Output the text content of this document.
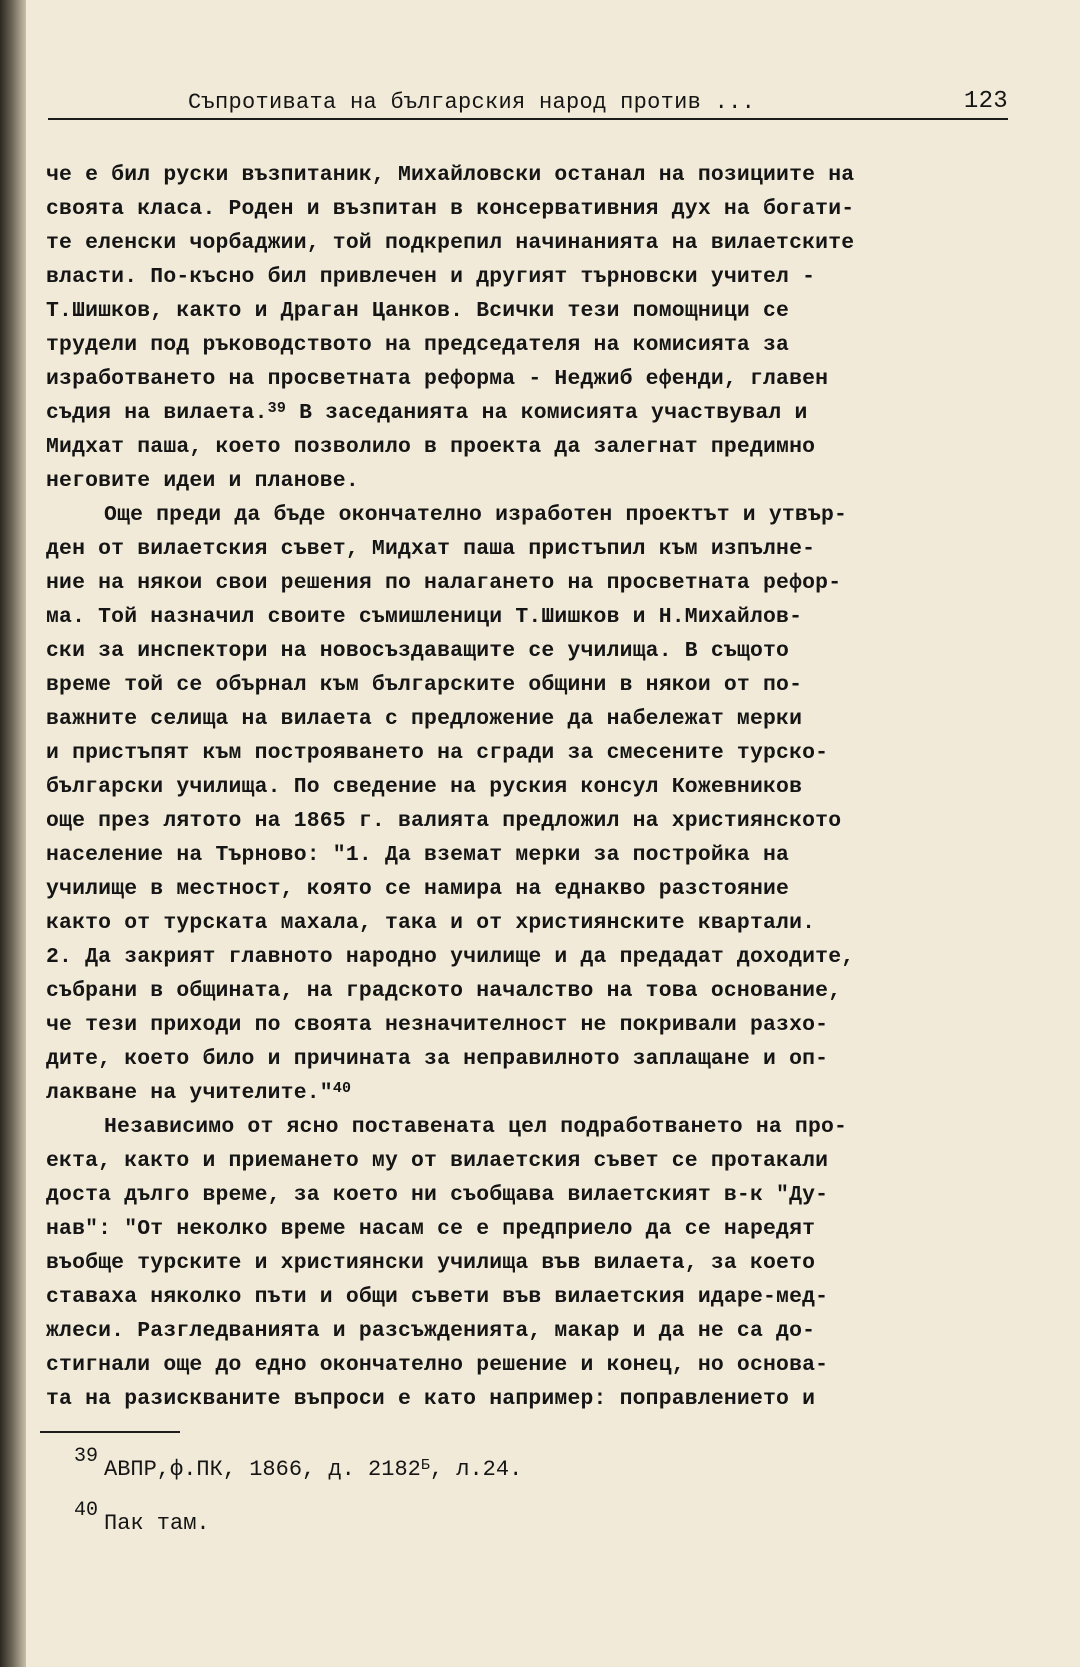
Съпротивата на българския народ против ...	123

че е бил руски възпитаник, Михайловски останал на позициите на
своята класа. Роден и възпитан в консервативния дух на богати-
те еленски чорбаджии, той подкрепил начинанията на вилаетските
власти. По-късно бил привлечен и другият търновски учител -
Т.Шишков, както и Драган Цанков. Всички тези помощници се
трудели под ръководството на председателя на комисията за
изработването на просветната реформа - Неджиб ефенди, главен
съдия на вилаета.$^{39}$ В заседанията на комисията участвувал и
Мидхат паша, което позволило в проекта да залегнат предимно
неговите идеи и планове.

Още преди да бъде окончателно изработен проектът и утвър-
ден от вилаетския съвет, Мидхат паша пристъпил към изпълне-
ние на някои свои решения по налагането на просветната рефор-
ма. Той назначил своите съмишленици Т.Шишков и Н.Михайлов-
ски за инспектори на новосъздаващите се училища. В същото
време той се обърнал към българските общини в някои от по-
важните селища на вилаета с предложение да набележат мерки
и пристъпят към построяването на сгради за смесените турско-
български училища. По сведение на руския консул Кожевников
още през лятото на 1865 г. валията предложил на християнското
население на Търново: "1. Да вземат мерки за постройка на
училище в местност, която се намира на еднакво разстояние
както от турската махала, така и от християнските квартали.
2. Да закрият главното народно училище и да предадат доходите,
събрани в общината, на градското началство на това основание,
че тези приходи по своята незначителност не покривали разхо-
дите, което било и причината за неправилното заплащане и оп-
лакване на учителите."$^{40}$

Независимо от ясно поставената цел подработването на про-
екта, както и приемането му от вилаетския съвет се протакали
доста дълго време, за което ни съобщава вилаетският в-к "Ду-
нав": "От неколко време насам се е предприело да се наредят
въобще турските и християнски училища във вилаета, за което
ставаха няколко пъти и общи съвети във вилаетския идаре-мед-
жлеси. Разгледванията и разсъжденията, макар и да не са до-
стигнали още до едно окончателно решение и конец, но основа-
та на разискваните въпроси е като например: поправлението и

39
АВПР,ф.ПК, 1866, д. $2182^Б$, л.24.
40
Пак там.
